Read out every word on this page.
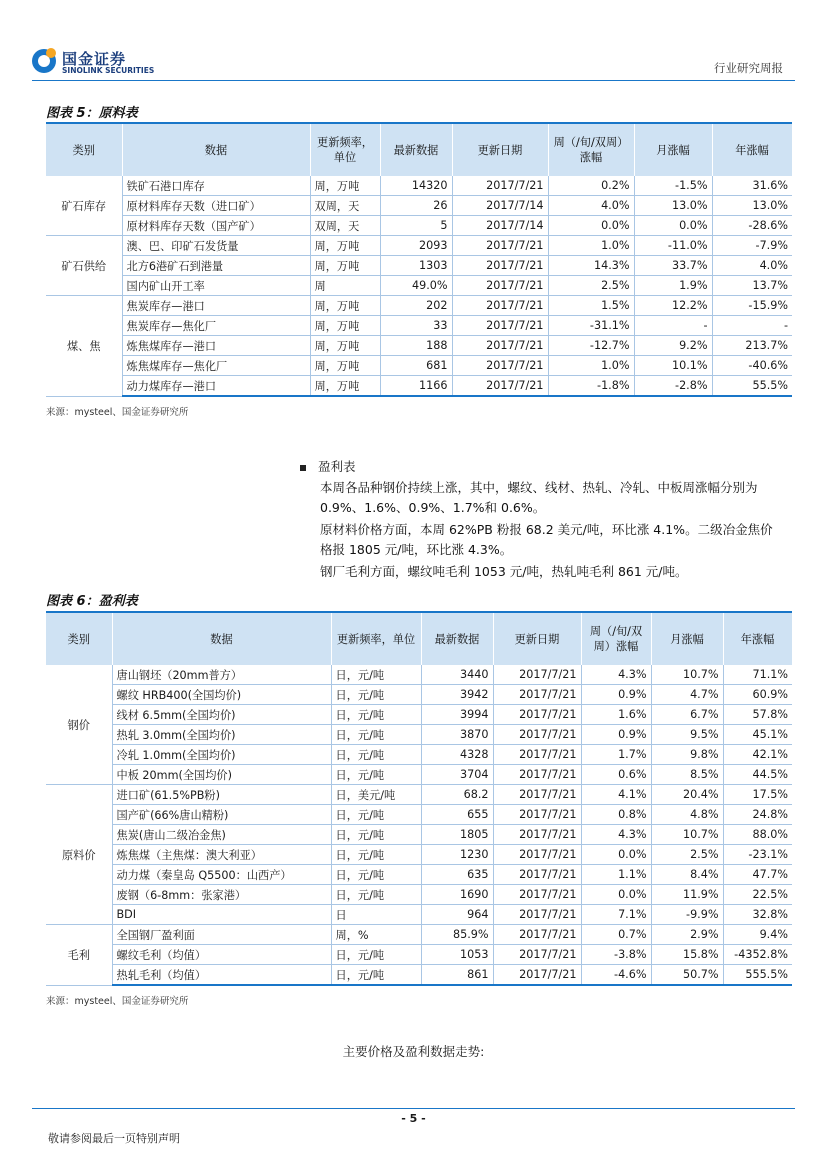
国金证券
SINOLINK SECURITIES	行业研究周报
图表 5：原料表
类别	数据	更新频率，单位	最新数据	更新日期	周（/旬/双周）涨幅	月涨幅	年涨幅
矿石库存	铁矿石港口库存	周，万吨	14320	2017/7/21	0.2%	-1.5%	31.6%
	原材料库存天数（进口矿）	双周，天	26	2017/7/14	4.0%	13.0%	13.0%
	原材料库存天数（国产矿）	双周，天	5	2017/7/14	0.0%	0.0%	-28.6%
矿石供给	澳、巴、印矿石发货量	周，万吨	2093	2017/7/21	1.0%	-11.0%	-7.9%
	北方6港矿石到港量	周，万吨	1303	2017/7/21	14.3%	33.7%	4.0%
	国内矿山开工率	周	49.0%	2017/7/21	2.5%	1.9%	13.7%
煤、焦	焦炭库存—港口	周，万吨	202	2017/7/21	1.5%	12.2%	-15.9%
	焦炭库存—焦化厂	周，万吨	33	2017/7/21	-31.1%	-	-
	炼焦煤库存—港口	周，万吨	188	2017/7/21	-12.7%	9.2%	213.7%
	炼焦煤库存—焦化厂	周，万吨	681	2017/7/21	1.0%	10.1%	-40.6%
	动力煤库存—港口	周，万吨	1166	2017/7/21	-1.8%	-2.8%	55.5%
来源：mysteel、国金证券研究所
盈利表
本周各品种钢价持续上涨，其中，螺纹、线材、热轧、冷轧、中板周涨幅分别为 0.9%、1.6%、0.9%、1.7%和 0.6%。
原材料价格方面，本周 62%PB 粉报 68.2 美元/吨，环比涨 4.1%。二级冶金焦价格报 1805 元/吨，环比涨 4.3%。
钢厂毛利方面，螺纹吨毛利 1053 元/吨，热轧吨毛利 861 元/吨。
图表 6：盈利表
类别	数据	更新频率，单位	最新数据	更新日期	周（/旬/双周）涨幅	月涨幅	年涨幅
钢价	唐山钢坯（20mm普方）	日，元/吨	3440	2017/7/21	4.3%	10.7%	71.1%
	螺纹 HRB400(全国均价)	日，元/吨	3942	2017/7/21	0.9%	4.7%	60.9%
	线材 6.5mm(全国均价)	日，元/吨	3994	2017/7/21	1.6%	6.7%	57.8%
	热轧 3.0mm(全国均价)	日，元/吨	3870	2017/7/21	0.9%	9.5%	45.1%
	冷轧 1.0mm(全国均价)	日，元/吨	4328	2017/7/21	1.7%	9.8%	42.1%
	中板 20mm(全国均价)	日，元/吨	3704	2017/7/21	0.6%	8.5%	44.5%
原料价	进口矿(61.5%PB粉)	日，美元/吨	68.2	2017/7/21	4.1%	20.4%	17.5%
	国产矿(66%唐山精粉)	日，元/吨	655	2017/7/21	0.8%	4.8%	24.8%
	焦炭(唐山二级冶金焦)	日，元/吨	1805	2017/7/21	4.3%	10.7%	88.0%
	炼焦煤（主焦煤：澳大利亚）	日，元/吨	1230	2017/7/21	0.0%	2.5%	-23.1%
	动力煤（秦皇岛 Q5500：山西产）	日，元/吨	635	2017/7/21	1.1%	8.4%	47.7%
	废钢（6-8mm：张家港）	日，元/吨	1690	2017/7/21	0.0%	11.9%	22.5%
	BDI	日	964	2017/7/21	7.1%	-9.9%	32.8%
毛利	全国钢厂盈利面	周，%	85.9%	2017/7/21	0.7%	2.9%	9.4%
	螺纹毛利（均值）	日，元/吨	1053	2017/7/21	-3.8%	15.8%	-4352.8%
	热轧毛利（均值）	日，元/吨	861	2017/7/21	-4.6%	50.7%	555.5%
来源：mysteel、国金证券研究所
主要价格及盈利数据走势:
- 5 -
敬请参阅最后一页特别声明
